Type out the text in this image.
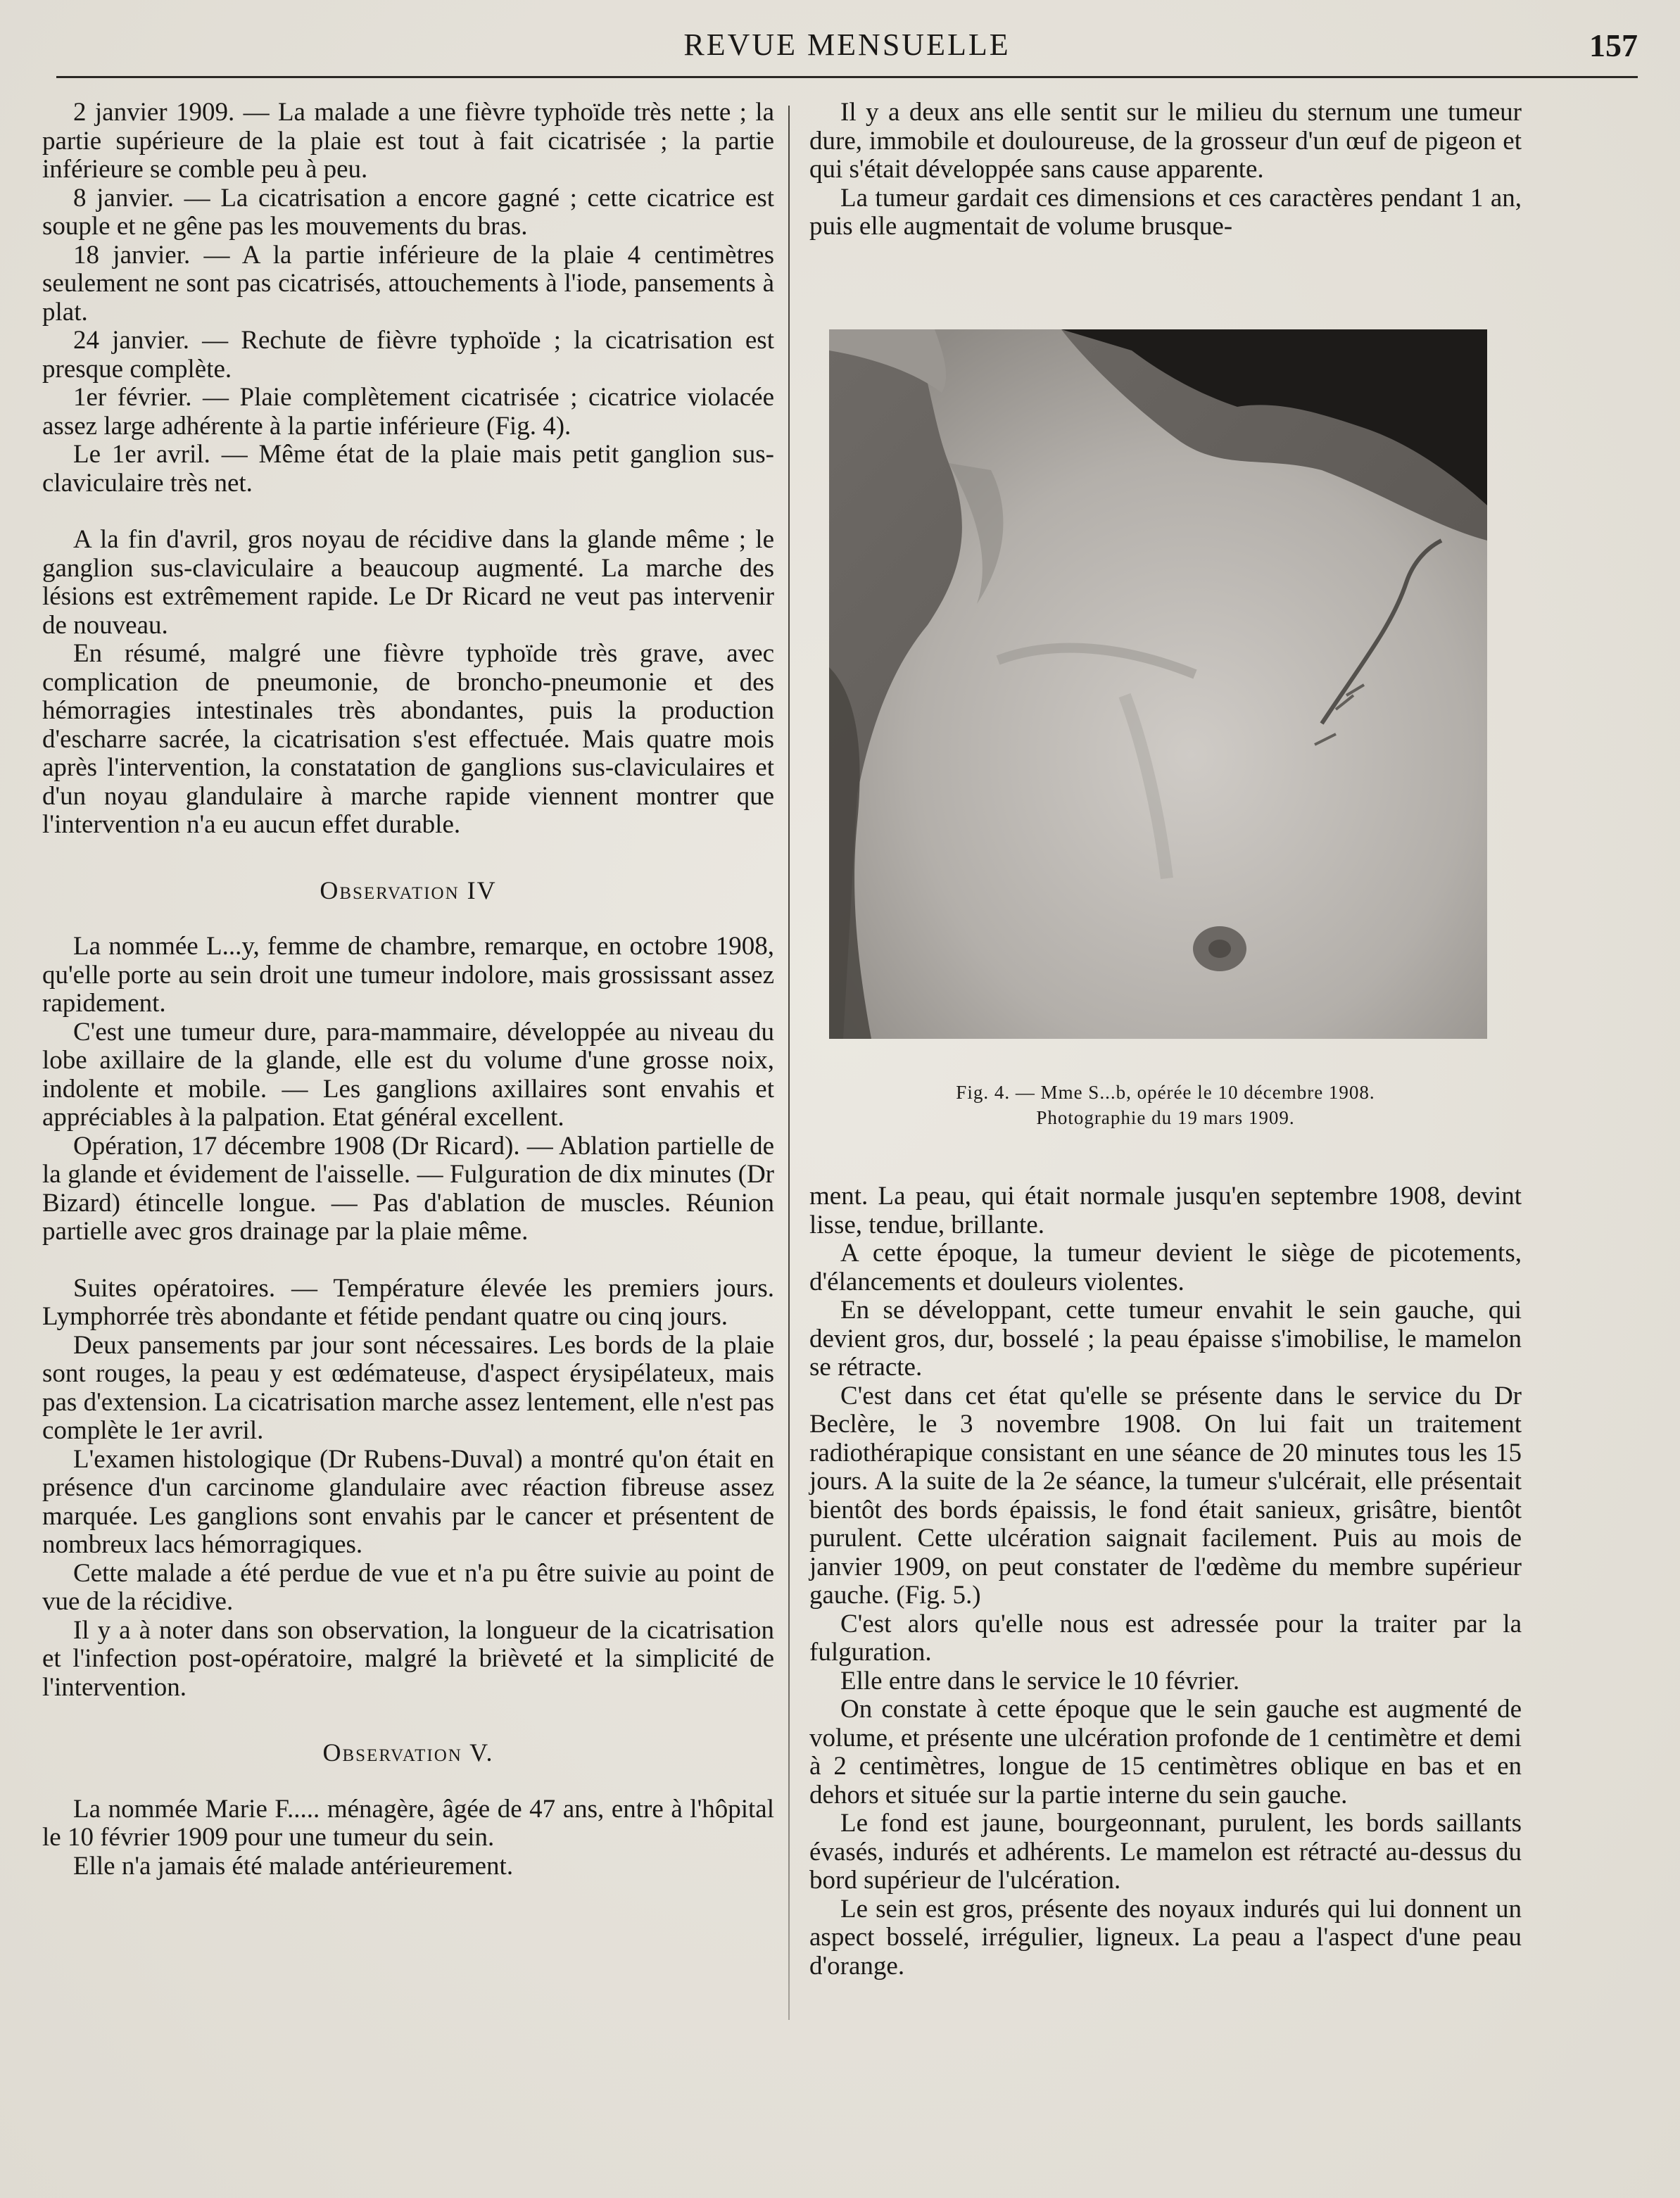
REVUE MENSUELLE	157

2 janvier 1909. — La malade a une fièvre typhoïde très nette ; la partie supérieure de la plaie est tout à fait cicatrisée ; la partie inférieure se comble peu à peu.

8 janvier. — La cicatrisation a encore gagné ; cette cicatrice est souple et ne gêne pas les mouvements du bras.

18 janvier. — A la partie inférieure de la plaie 4 centimètres seulement ne sont pas cicatrisés, attouchements à l'iode, pansements à plat.

24 janvier. — Rechute de fièvre typhoïde ; la cicatrisation est presque complète.

1er février. — Plaie complètement cicatrisée ; cicatrice violacée assez large adhérente à la partie inférieure (Fig. 4).

Le 1er avril. — Même état de la plaie mais petit ganglion sus-claviculaire très net.

A la fin d'avril, gros noyau de récidive dans la glande même ; le ganglion sus-claviculaire a beaucoup augmenté. La marche des lésions est extrêmement rapide. Le Dr Ricard ne veut pas intervenir de nouveau.

En résumé, malgré une fièvre typhoïde très grave, avec complication de pneumonie, de broncho-pneumonie et des hémorragies intestinales très abondantes, puis la production d'escharre sacrée, la cicatrisation s'est effectuée. Mais quatre mois après l'intervention, la constatation de ganglions sus-claviculaires et d'un noyau glandulaire à marche rapide viennent montrer que l'intervention n'a eu aucun effet durable.

Observation IV

La nommée L...y, femme de chambre, remarque, en octobre 1908, qu'elle porte au sein droit une tumeur indolore, mais grossissant assez rapidement.

C'est une tumeur dure, para-mammaire, développée au niveau du lobe axillaire de la glande, elle est du volume d'une grosse noix, indolente et mobile. — Les ganglions axillaires sont envahis et appréciables à la palpation. Etat général excellent.

Opération, 17 décembre 1908 (Dr Ricard). — Ablation partielle de la glande et évidement de l'aisselle. — Fulguration de dix minutes (Dr Bizard) étincelle longue. — Pas d'ablation de muscles. Réunion partielle avec gros drainage par la plaie même.

Suites opératoires. — Température élevée les premiers jours. Lymphorrée très abondante et fétide pendant quatre ou cinq jours.

Deux pansements par jour sont nécessaires. Les bords de la plaie sont rouges, la peau y est œdémateuse, d'aspect érysipélateux, mais pas d'extension. La cicatrisation marche assez lentement, elle n'est pas complète le 1er avril.

L'examen histologique (Dr Rubens-Duval) a montré qu'on était en présence d'un carcinome glandulaire avec réaction fibreuse assez marquée. Les ganglions sont envahis par le cancer et présentent de nombreux lacs hémorragiques.

Cette malade a été perdue de vue et n'a pu être suivie au point de vue de la récidive.

Il y a à noter dans son observation, la longueur de la cicatrisation et l'infection post-opératoire, malgré la brièveté et la simplicité de l'intervention.

Observation V.

La nommée Marie F..... ménagère, âgée de 47 ans, entre à l'hôpital le 10 février 1909 pour une tumeur du sein.

Elle n'a jamais été malade antérieurement.

Il y a deux ans elle sentit sur le milieu du sternum une tumeur dure, immobile et douloureuse, de la grosseur d'un œuf de pigeon et qui s'était développée sans cause apparente.

La tumeur gardait ces dimensions et ces caractères pendant 1 an, puis elle augmentait de volume brusque-

Fig. 4. — Mme S...b, opérée le 10 décembre 1908.

Photographie du 19 mars 1909.

ment. La peau, qui était normale jusqu'en septembre 1908, devint lisse, tendue, brillante.

A cette époque, la tumeur devient le siège de picotements, d'élancements et douleurs violentes.

En se développant, cette tumeur envahit le sein gauche, qui devient gros, dur, bosselé ; la peau épaisse s'imobilise, le mamelon se rétracte.

C'est dans cet état qu'elle se présente dans le service du Dr Beclère, le 3 novembre 1908. On lui fait un traitement radiothérapique consistant en une séance de 20 minutes tous les 15 jours. A la suite de la 2e séance, la tumeur s'ulcérait, elle présentait bientôt des bords épaissis, le fond était sanieux, grisâtre, bientôt purulent. Cette ulcération saignait facilement. Puis au mois de janvier 1909, on peut constater de l'œdème du membre supérieur gauche. (Fig. 5.)

C'est alors qu'elle nous est adressée pour la traiter par la fulguration.

Elle entre dans le service le 10 février.

On constate à cette époque que le sein gauche est augmenté de volume, et présente une ulcération profonde de 1 centimètre et demi à 2 centimètres, longue de 15 centimètres oblique en bas et en dehors et située sur la partie interne du sein gauche.

Le fond est jaune, bourgeonnant, purulent, les bords saillants évasés, indurés et adhérents. Le mamelon est rétracté au-dessus du bord supérieur de l'ulcération.

Le sein est gros, présente des noyaux indurés qui lui donnent un aspect bosselé, irrégulier, ligneux. La peau a l'aspect d'une peau d'orange.
